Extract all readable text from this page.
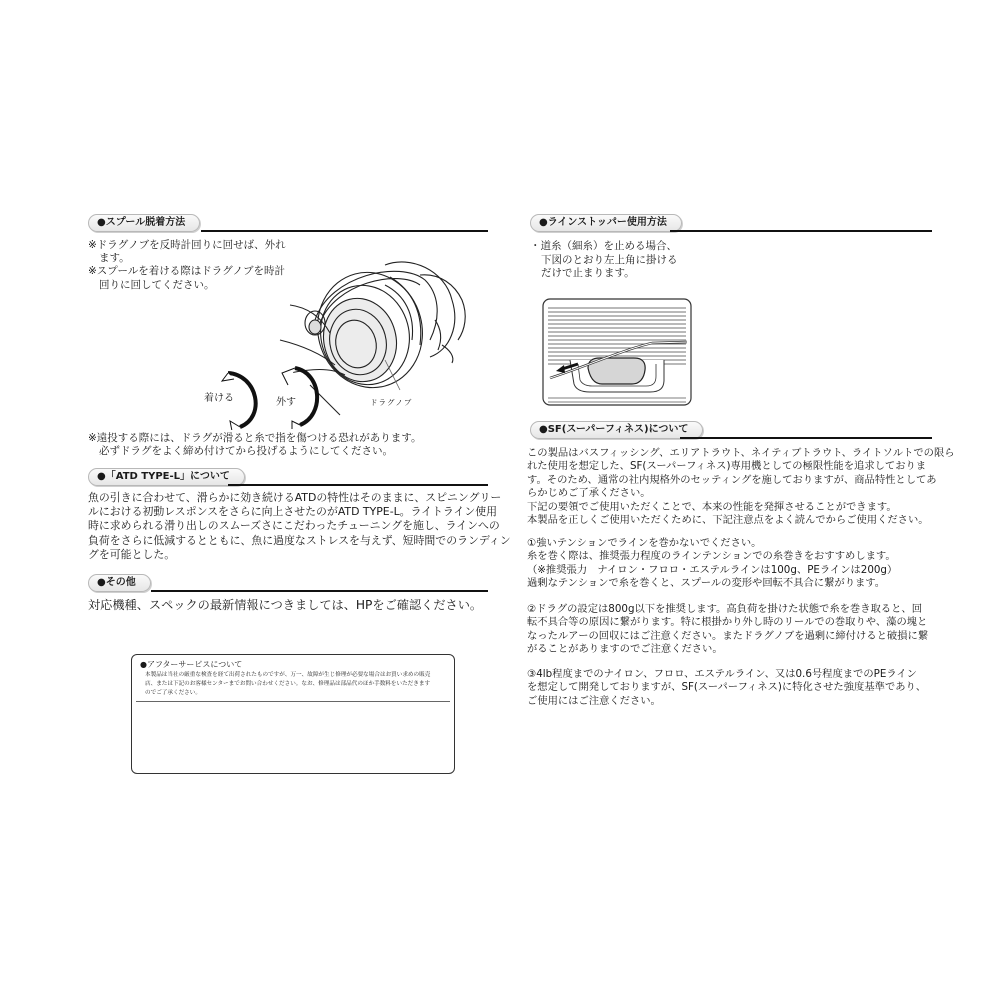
●スプール脱着方法
※ドラグノブを反時計回りに回せば、外れ
ます。
※スプールを着ける際はドラグノブを時計
回りに回してください。
着ける	外す	ドラグノブ
※遠投する際には、ドラグが滑ると糸で指を傷つける恐れがあります。
必ずドラグをよく締め付けてから投げるようにしてください。
●「ATD TYPE-L」について
魚の引きに合わせて、滑らかに効き続けるATDの特性はそのままに、スピニングリー
ルにおける初動レスポンスをさらに向上させたのがATD TYPE-L。ライトライン使用
時に求められる滑り出しのスムーズさにこだわったチューニングを施し、ラインへの
負荷をさらに低減するとともに、魚に過度なストレスを与えず、短時間でのランディン
グを可能とした。
●その他
対応機種、スペックの最新情報につきましては、HPをご確認ください。
●アフターサービスについて
本製品は当社の厳重な検査を経て出荷されたものですが、万一、故障が生じ修理が必要な場合はお買い求めの販売
店、または下記のお客様センターまでお問い合わせください。なお、修理品は部品代のほか手数料をいただきます
のでご了承ください。
●ラインストッパー使用方法
・道糸（細糸）を止める場合、
下図のとおり左上角に掛ける
だけで止まります。
●SF(スーパーフィネス)について
この製品はバスフィッシング、エリアトラウト、ネイティブトラウト、ライトソルトでの限ら
れた使用を想定した、SF(スーパーフィネス)専用機としての極限性能を追求しておりま
す。そのため、通常の社内規格外のセッティングを施しておりますが、商品特性としてあ
らかじめご了承ください。
下記の要領でご使用いただくことで、本来の性能を発揮させることができます。
本製品を正しくご使用いただくために、下記注意点をよく読んでからご使用ください。
①強いテンションでラインを巻かないでください。
糸を巻く際は、推奨張力程度のラインテンションでの糸巻きをおすすめします。
（※推奨張力　ナイロン・フロロ・エステルラインは100g、PEラインは200g）
過剰なテンションで糸を巻くと、スプールの変形や回転不具合に繋がります。
②ドラグの設定は800g以下を推奨します。高負荷を掛けた状態で糸を巻き取ると、回
転不具合等の原因に繋がります。特に根掛かり外し時のリールでの巻取りや、藻の塊と
なったルアーの回収にはご注意ください。またドラグノブを過剰に締付けると破損に繋
がることがありますのでご注意ください。
③4lb程度までのナイロン、フロロ、エステルライン、又は0.6号程度までのPEライン
を想定して開発しておりますが、SF(スーパーフィネス)に特化させた強度基準であり、
ご使用にはご注意ください。
